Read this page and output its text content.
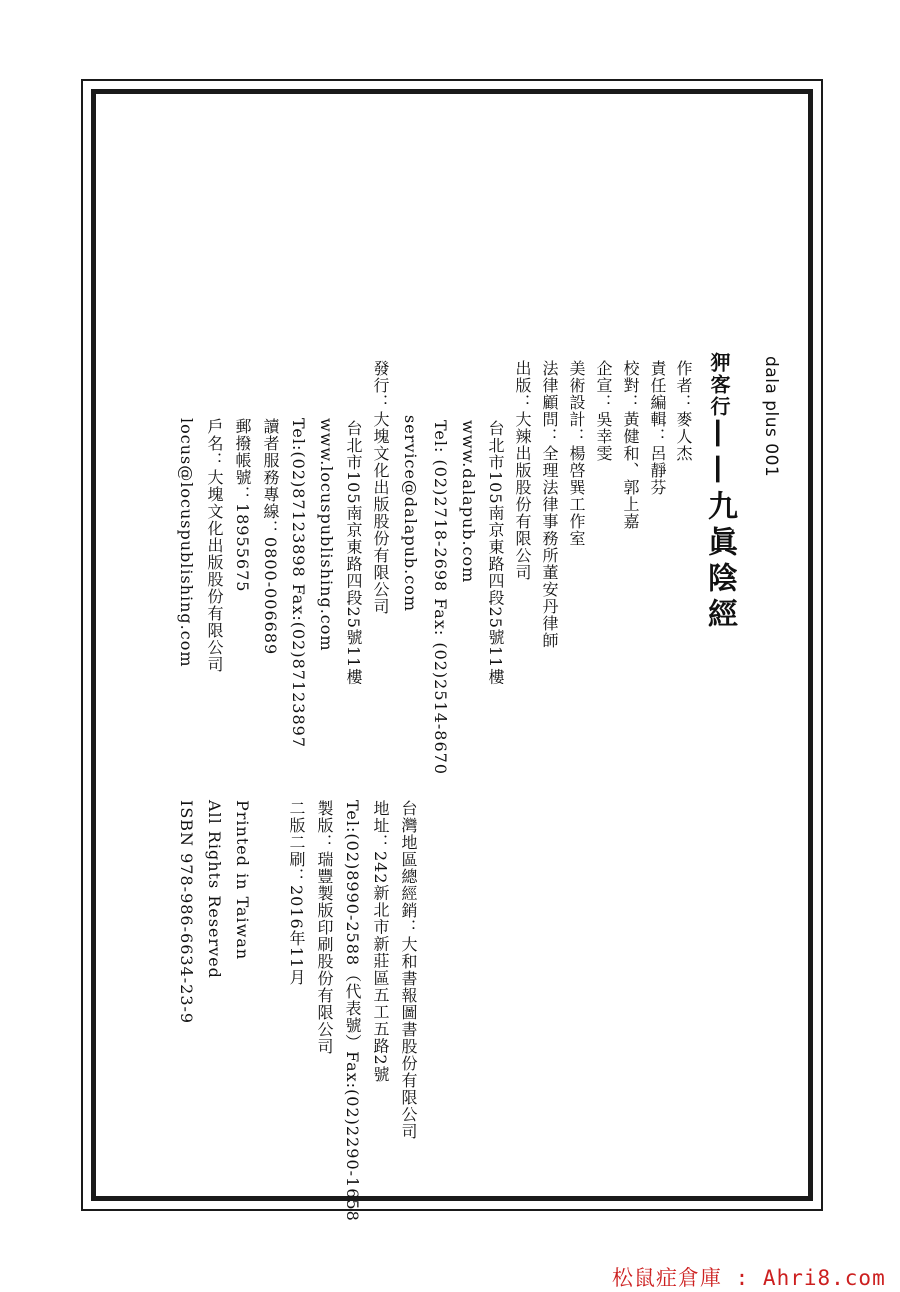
dala plus 001
狎客行——九眞陰經
作者：麥人杰
責任編輯：呂靜芬
校對：黃健和、郭上嘉
企宣：吳幸雯
美術設計：楊啓巽工作室
法律顧問：全理法律事務所董安丹律師
出版：大辣出版股份有限公司
台北市105南京東路四段25號11樓
www.dalapub.com
Tel: (02)2718-2698 Fax: (02)2514-8670
service@dalapub.com
發行：大塊文化出版股份有限公司
台北市105南京東路四段25號11樓
www.locuspublishing.com
Tel:(02)87123898 Fax:(02)87123897
讀者服務專線：0800-006689
郵撥帳號：18955675
戶名：大塊文化出版股份有限公司
locus@locuspublishing.com
台灣地區總經銷：大和書報圖書股份有限公司
地址：242新北市新莊區五工五路2號
Tel:(02)8990-2588（代表號）Fax:(02)2290-1658
製版：瑞豐製版印刷股份有限公司
二版二刷：2016年11月
Printed in Taiwan
All Rights Reserved
ISBN 978-986-6634-23-9
松鼠症倉庫 : Ahri8.com
